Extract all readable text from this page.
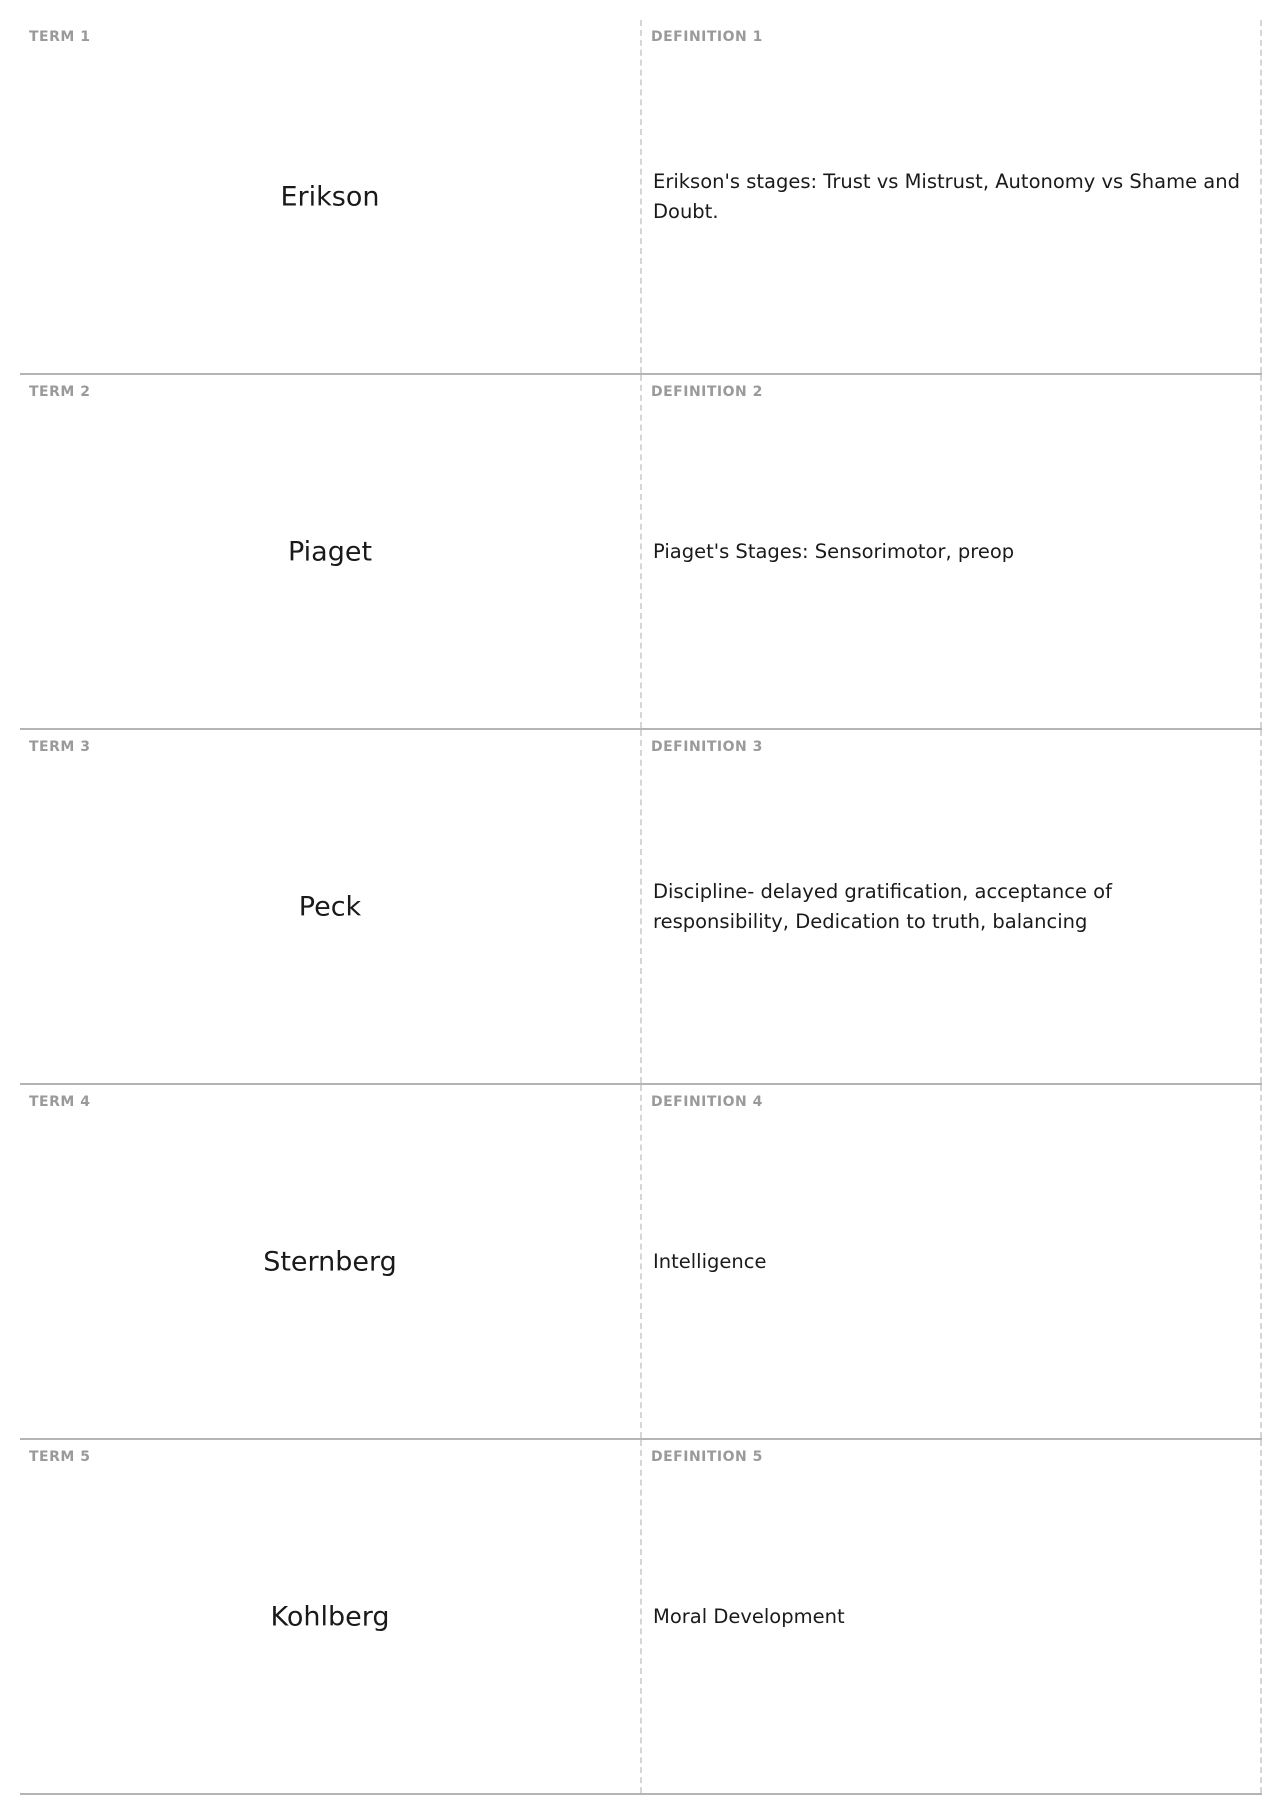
TERM 1
Erikson
DEFINITION 1
Erikson's stages: Trust vs Mistrust, Autonomy vs Shame and Doubt.
TERM 2
Piaget
DEFINITION 2
Piaget's Stages: Sensorimotor, preop
TERM 3
Peck
DEFINITION 3
Discipline- delayed gratification, acceptance of responsibility, Dedication to truth, balancing
TERM 4
Sternberg
DEFINITION 4
Intelligence
TERM 5
Kohlberg
DEFINITION 5
Moral Development
